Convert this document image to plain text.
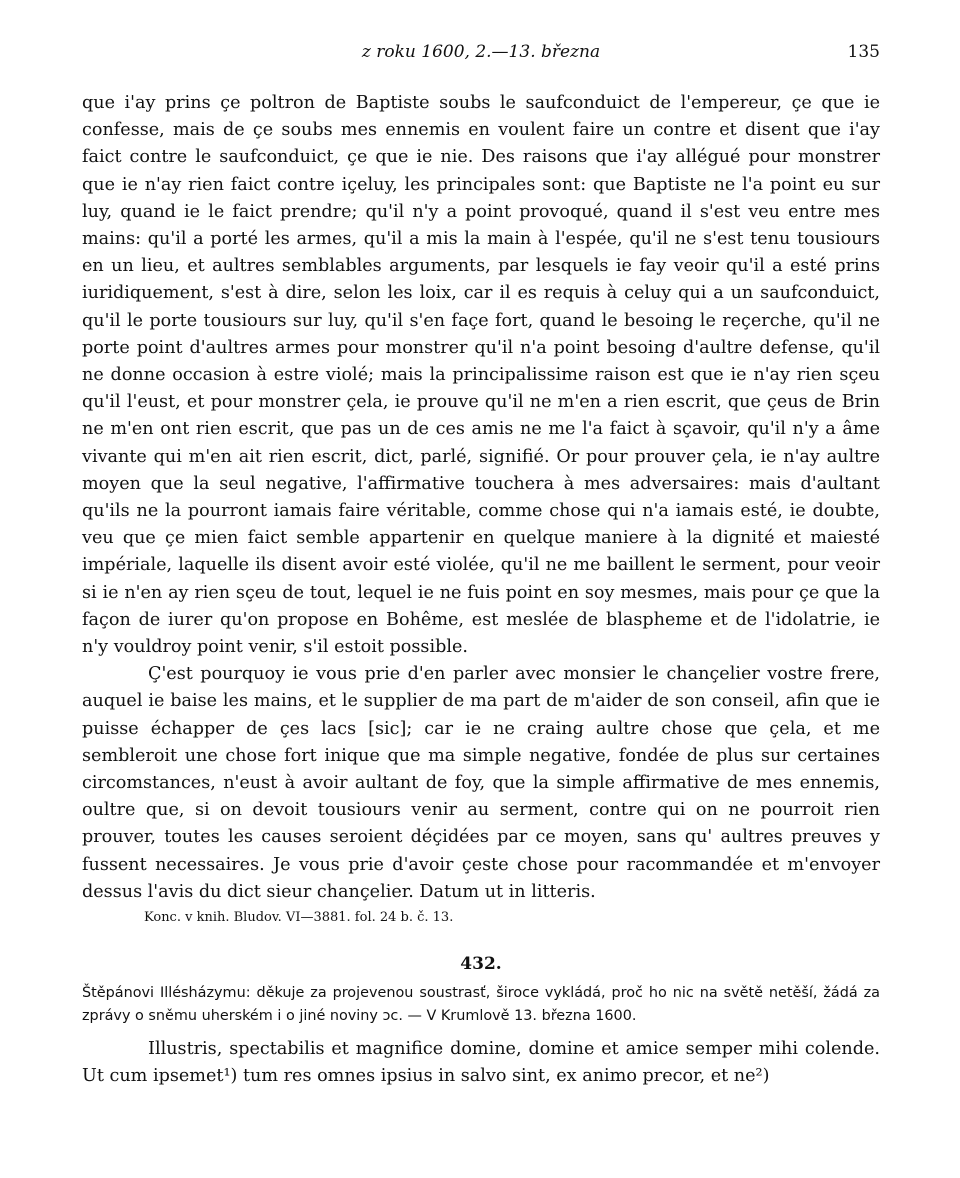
z roku 1600, 2.—13. března	135

que i'ay prins çe poltron de Baptiste soubs le saufconduict de l'empereur, çe que ie confesse, mais de çe soubs mes ennemis en voulent faire un contre et disent que i'ay faict contre le saufconduict, çe que ie nie. Des raisons que i'ay allégué pour monstrer que ie n'ay rien faict contre içeluy, les principales sont: que Baptiste ne l'a point eu sur luy, quand ie le faict prendre; qu'il n'y a point provoqué, quand il s'est veu entre mes mains: qu'il a porté les armes, qu'il a mis la main à l'espée, qu'il ne s'est tenu tousiours en un lieu, et aultres semblables arguments, par lesquels ie fay veoir qu'il a esté prins iuridiquement, s'est à dire, selon les loix, car il es requis à celuy qui a un saufconduict, qu'il le porte tousiours sur luy, qu'il s'en façe fort, quand le besoing le reçerche, qu'il ne porte point d'aultres armes pour monstrer qu'il n'a point besoing d'aultre defense, qu'il ne donne occasion à estre violé; mais la principalissime raison est que ie n'ay rien sçeu qu'il l'eust, et pour monstrer çela, ie prouve qu'il ne m'en a rien escrit, que çeus de Brin ne m'en ont rien escrit, que pas un de ces amis ne me l'a faict à sçavoir, qu'il n'y a âme vivante qui m'en ait rien escrit, dict, parlé, signifié. Or pour prouver çela, ie n'ay aultre moyen que la seul negative, l'affirmative touchera à mes adversaires: mais d'aultant qu'ils ne la pourront iamais faire véritable, comme chose qui n'a iamais esté, ie doubte, veu que çe mien faict semble appartenir en quelque maniere à la dignité et maiesté impériale, laquelle ils disent avoir esté violée, qu'il ne me baillent le serment, pour veoir si ie n'en ay rien sçeu de tout, lequel ie ne fuis point en soy mesmes, mais pour çe que la façon de iurer qu'on propose en Bohême, est meslée de blaspheme et de l'idolatrie, ie n'y vouldroy point venir, s'il estoit possible.

Ç'est pourquoy ie vous prie d'en parler avec monsier le chançelier vostre frere, auquel ie baise les mains, et le supplier de ma part de m'aider de son conseil, afin que ie puisse échapper de çes lacs [sic]; car ie ne craing aultre chose que çela, et me sembleroit une chose fort inique que ma simple negative, fondée de plus sur certaines circomstances, n'eust à avoir aultant de foy, que la simple affirmative de mes ennemis, oultre que, si on devoit tousiours venir au serment, contre qui on ne pourroit rien prouver, toutes les causes seroient déçidées par ce moyen, sans qu' aultres preuves y fussent necessaires. Je vous prie d'avoir çeste chose pour racommandée et m'envoyer dessus l'avis du dict sieur chançelier. Datum ut in litteris.

Konc. v knih. Bludov. VI—3881. fol. 24 b. č. 13.
432.
Štěpánovi Illésházymu: děkuje za projevenou soustrasť, široce vykládá, proč ho nic na světě netěší, žádá za zprávy o sněmu uherském i o jiné noviny ɔc. — V Krumlově 13. března 1600.

Illustris, spectabilis et magnifice domine, domine et amice semper mihi colende. Ut cum ipsemet¹) tum res omnes ipsius in salvo sint, ex animo precor, et ne²)
